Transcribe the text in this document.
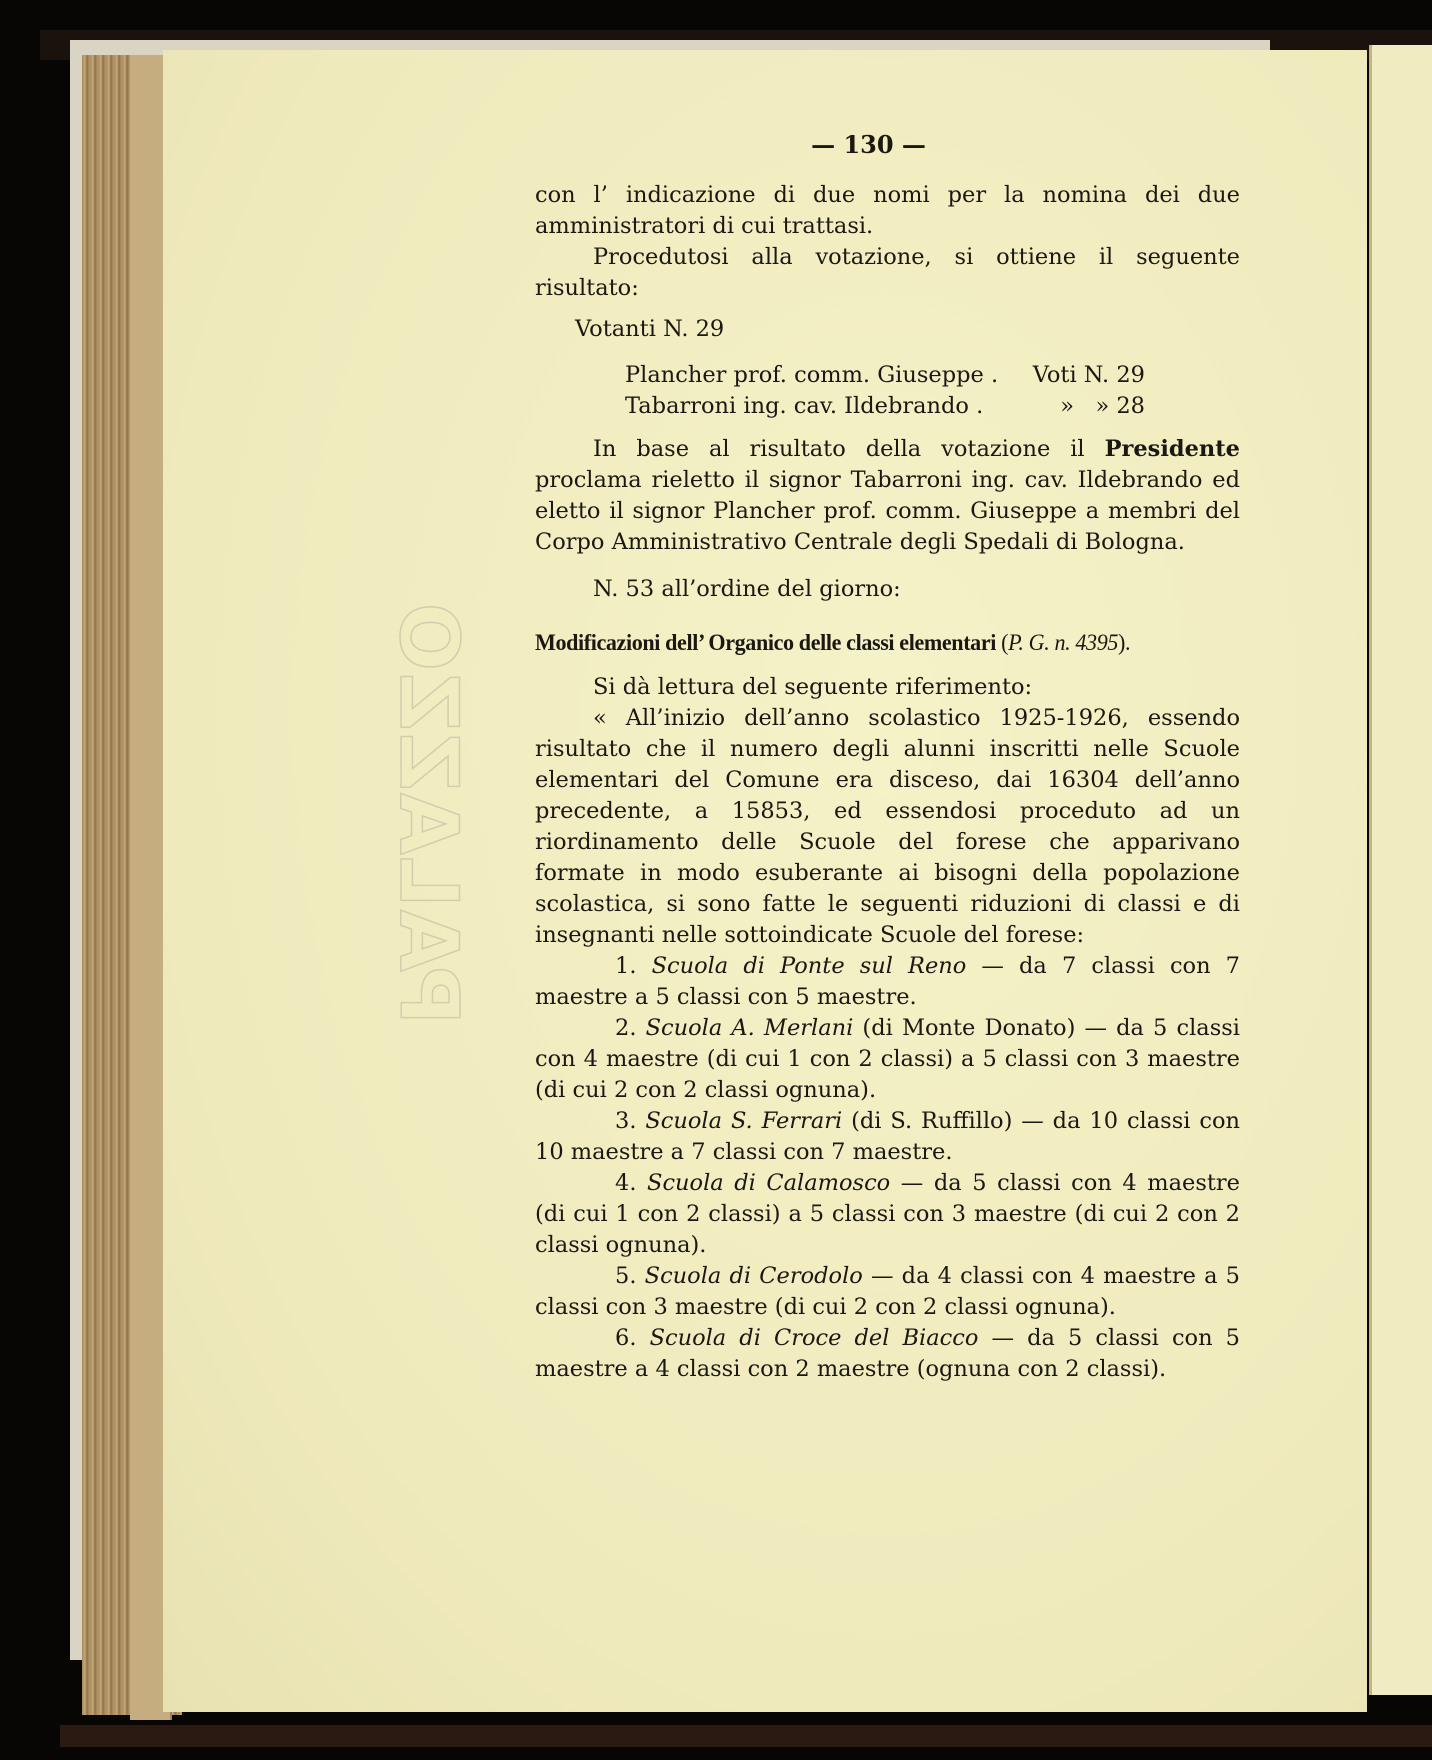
PALAZZO
— 130 —

con l’ indicazione di due nomi per la nomina dei due amministratori di cui trattasi.

Procedutosi alla votazione, si ottiene il seguente risultato:

Votanti N. 29

Plancher prof. comm. Giuseppe .	Voti N. 29
Tabarroni ing. cav. Ildebrando .	»   » 28

In base al risultato della votazione il Presidente proclama rieletto il signor Tabarroni ing. cav. Ildebrando ed eletto il signor Plancher prof. comm. Giuseppe a membri del Corpo Amministrativo Centrale degli Spedali di Bologna.

N. 53 all’ordine del giorno:

Modificazioni dell’ Organico delle classi elementari (P. G. n. 4395).

Si dà lettura del seguente riferimento:

« All’inizio dell’anno scolastico 1925-1926, essendo risultato che il numero degli alunni inscritti nelle Scuole elementari del Comune era disceso, dai 16304 dell’anno precedente, a 15853, ed essendosi proceduto ad un riordinamento delle Scuole del forese che apparivano formate in modo esuberante ai bisogni della popolazione scolastica, si sono fatte le seguenti riduzioni di classi e di insegnanti nelle sottoindicate Scuole del forese:

1. Scuola di Ponte sul Reno — da 7 classi con 7 maestre a 5 classi con 5 maestre.

2. Scuola A. Merlani (di Monte Donato) — da 5 classi con 4 maestre (di cui 1 con 2 classi) a 5 classi con 3 maestre (di cui 2 con 2 classi ognuna).

3. Scuola S. Ferrari (di S. Ruffillo) — da 10 classi con 10 maestre a 7 classi con 7 maestre.

4. Scuola di Calamosco — da 5 classi con 4 maestre (di cui 1 con 2 classi) a 5 classi con 3 maestre (di cui 2 con 2 classi ognuna).

5. Scuola di Cerodolo — da 4 classi con 4 maestre a 5 classi con 3 maestre (di cui 2 con 2 classi ognuna).

6. Scuola di Croce del Biacco — da 5 classi con 5 maestre a 4 classi con 2 maestre (ognuna con 2 classi).
